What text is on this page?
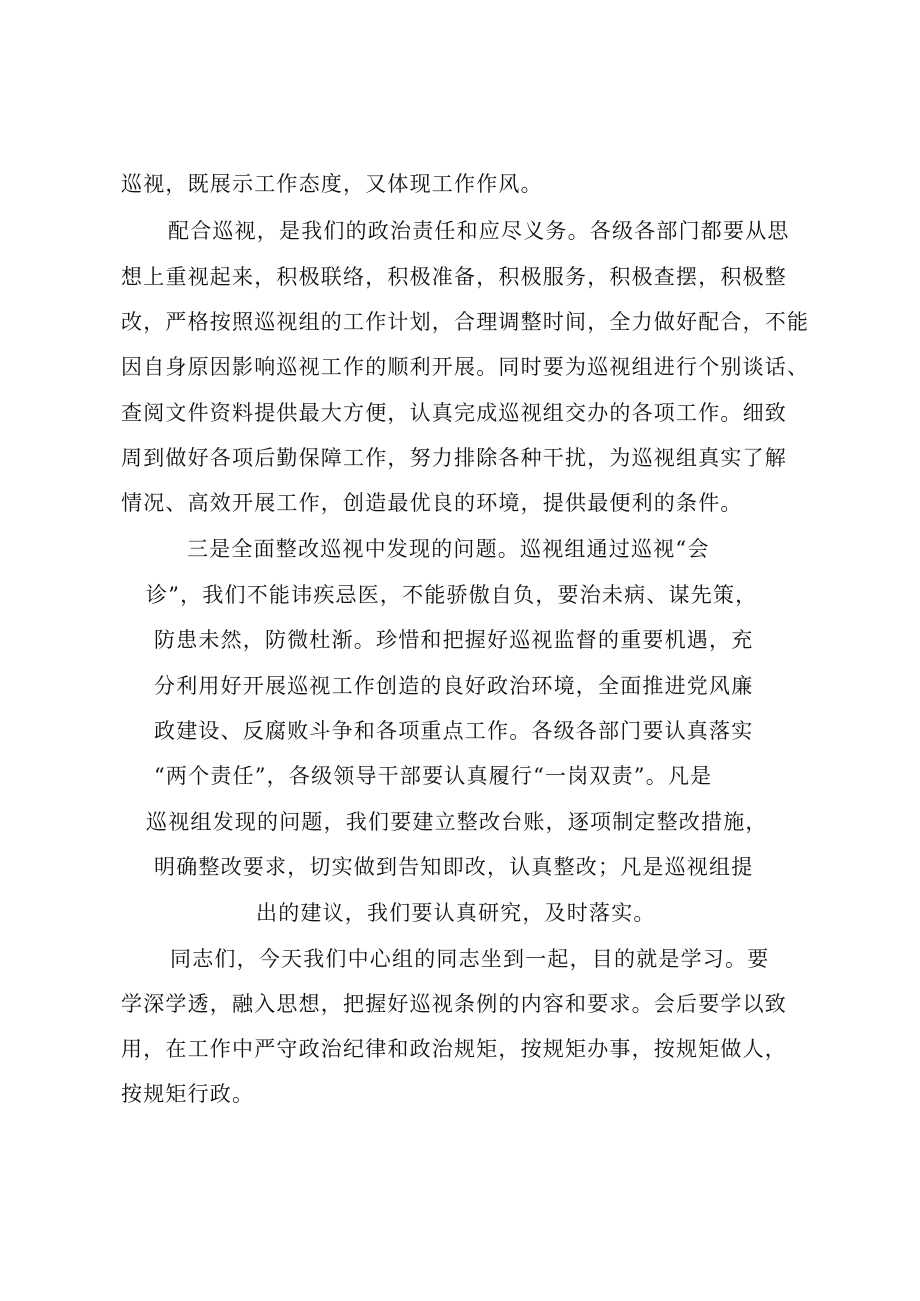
巡视，既展示工作态度，又体现工作作风。
配合巡视，是我们的政治责任和应尽义务。各级各部门都要从思
想上重视起来，积极联络，积极准备，积极服务，积极查摆，积极整
改，严格按照巡视组的工作计划，合理调整时间，全力做好配合，不能
因自身原因影响巡视工作的顺利开展。同时要为巡视组进行个别谈话、
查阅文件资料提供最大方便，认真完成巡视组交办的各项工作。细致
周到做好各项后勤保障工作，努力排除各种干扰，为巡视组真实了解
情况、高效开展工作，创造最优良的环境，提供最便利的条件。
三是全面整改巡视中发现的问题。巡视组通过巡视“会
诊”，我们不能讳疾忌医，不能骄傲自负，要治未病、谋先策，
防患未然，防微杜渐。珍惜和把握好巡视监督的重要机遇，充
分利用好开展巡视工作创造的良好政治环境，全面推进党风廉
政建设、反腐败斗争和各项重点工作。各级各部门要认真落实
“两个责任”，各级领导干部要认真履行“一岗双责”。凡是
巡视组发现的问题，我们要建立整改台账，逐项制定整改措施，
明确整改要求，切实做到告知即改，认真整改；凡是巡视组提
出的建议，我们要认真研究，及时落实。
同志们，今天我们中心组的同志坐到一起，目的就是学习。要
学深学透，融入思想，把握好巡视条例的内容和要求。会后要学以致
用，在工作中严守政治纪律和政治规矩，按规矩办事，按规矩做人，
按规矩行政。
